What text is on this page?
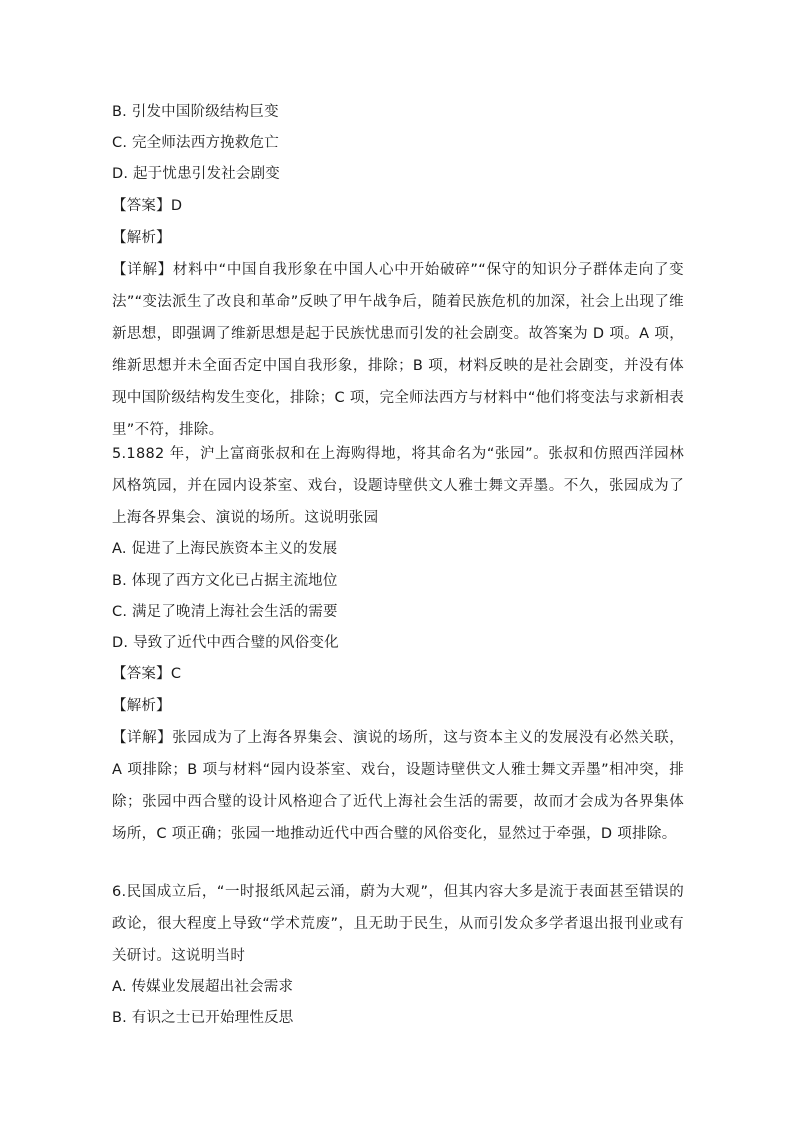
B. 引发中国阶级结构巨变
C. 完全师法西方挽救危亡
D. 起于忧患引发社会剧变
【答案】D
【解析】
【详解】材料中“中国自我形象在中国人心中开始破碎”“保守的知识分子群体走向了变法”“变法派生了改良和革命”反映了甲午战争后，随着民族危机的加深，社会上出现了维新思想，即强调了维新思想是起于民族忧患而引发的社会剧变。故答案为 D 项。A 项，维新思想并未全面否定中国自我形象，排除；B 项，材料反映的是社会剧变，并没有体现中国阶级结构发生变化，排除；C 项，完全师法西方与材料中“他们将变法与求新相表里”不符，排除。
5.1882 年，沪上富商张叔和在上海购得地，将其命名为“张园”。张叔和仿照西洋园林风格筑园，并在园内设茶室、戏台，设题诗壁供文人雅士舞文弄墨。不久，张园成为了上海各界集会、演说的场所。这说明张园
A. 促进了上海民族资本主义的发展
B. 体现了西方文化已占据主流地位
C. 满足了晚清上海社会生活的需要
D. 导致了近代中西合璧的风俗变化
【答案】C
【解析】
【详解】张园成为了上海各界集会、演说的场所，这与资本主义的发展没有必然关联，A 项排除；B 项与材料“园内设茶室、戏台，设题诗壁供文人雅士舞文弄墨”相冲突，排除；张园中西合璧的设计风格迎合了近代上海社会生活的需要，故而才会成为各界集体场所，C 项正确；张园一地推动近代中西合璧的风俗变化，显然过于牵强，D 项排除。
6.民国成立后，“一时报纸风起云涌，蔚为大观”，但其内容大多是流于表面甚至错误的政论，很大程度上导致“学术荒废”，且无助于民生，从而引发众多学者退出报刊业或有关研讨。这说明当时
A. 传媒业发展超出社会需求
B. 有识之士已开始理性反思
